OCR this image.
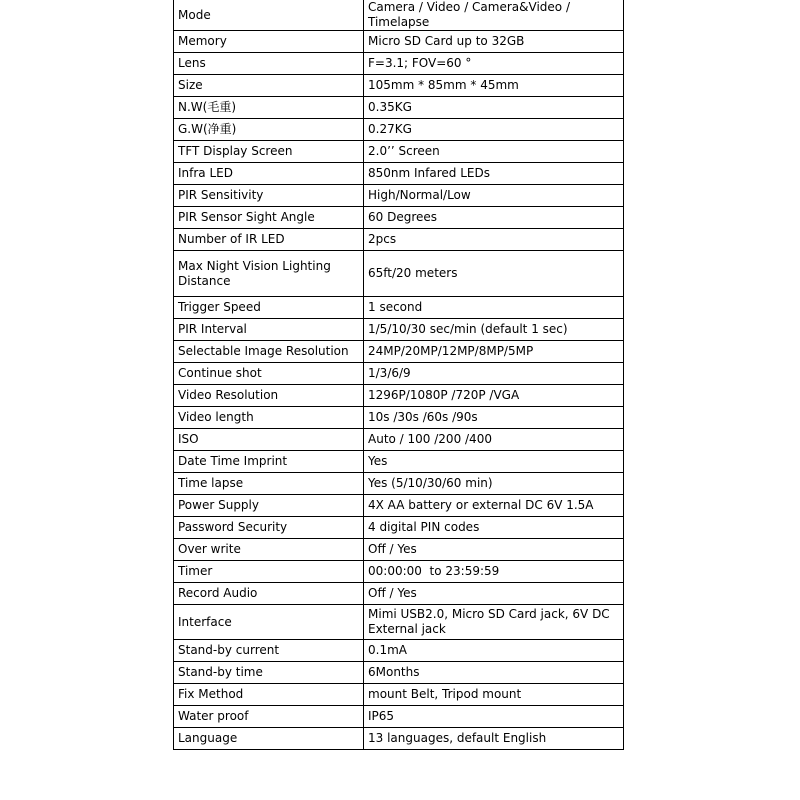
Mode	Camera / Video / Camera&Video / Timelapse
Memory	Micro SD Card up to 32GB
Lens	F=3.1; FOV=60 °
Size	105mm * 85mm * 45mm
N.W(毛重)	0.35KG
G.W(净重)	0.27KG
TFT Display Screen	2.0’’ Screen
Infra LED	850nm Infared LEDs
PIR Sensitivity	High/Normal/Low
PIR Sensor Sight Angle	60 Degrees
Number of IR LED	2pcs
Max Night Vision Lighting Distance	65ft/20 meters
Trigger Speed	1 second
PIR Interval	1/5/10/30 sec/min (default 1 sec)
Selectable Image Resolution	24MP/20MP/12MP/8MP/5MP
Continue shot	1/3/6/9
Video Resolution	1296P/1080P /720P /VGA
Video length	10s /30s /60s /90s
ISO	Auto / 100 /200 /400
Date Time Imprint	Yes
Time lapse	Yes (5/10/30/60 min)
Power Supply	4X AA battery or external DC 6V 1.5A
Password Security	4 digital PIN codes
Over write	Off / Yes
Timer	00:00:00  to 23:59:59
Record Audio	Off / Yes
Interface	Mimi USB2.0, Micro SD Card jack, 6V DC External jack
Stand-by current	0.1mA
Stand-by time	6Months
Fix Method	mount Belt, Tripod mount
Water proof	IP65
Language	13 languages, default English
